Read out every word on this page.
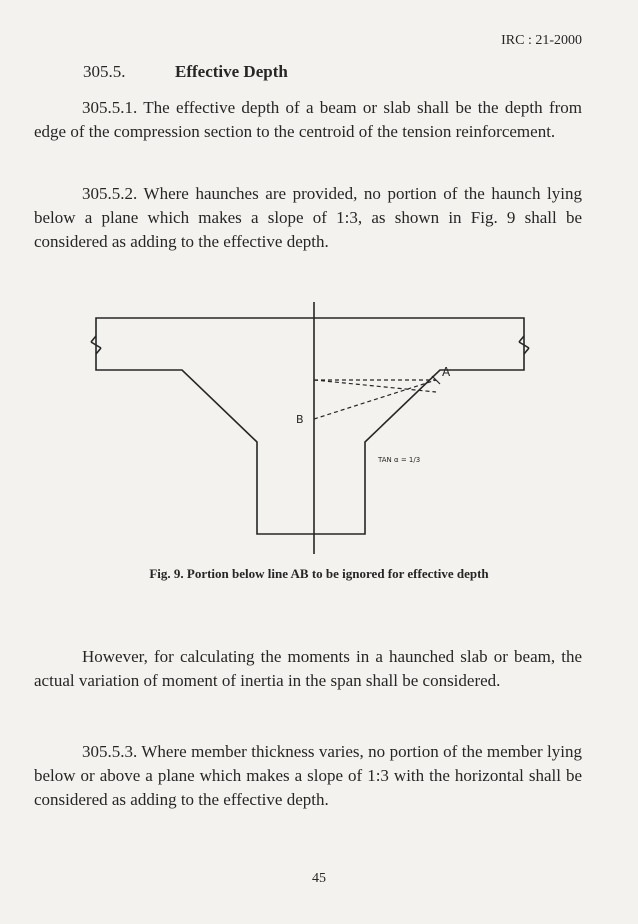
IRC : 21-2000
305.5.	Effective Depth

305.5.1. The effective depth of a beam or slab shall be the depth from edge of the compression section to the centroid of the tension reinforcement.

305.5.2. Where haunches are provided, no portion of the haunch lying below a plane which makes a slope of 1:3, as shown in Fig. 9 shall be considered as adding to the effective depth.

A
B
TAN α = 1/3
Fig. 9. Portion below line AB to be ignored for effective depth

However, for calculating the moments in a haunched slab or beam, the actual variation of moment of inertia in the span shall be considered.

305.5.3. Where member thickness varies, no portion of the member lying below or above a plane which makes a slope of 1:3 with the horizontal shall be considered as adding to the effective depth.

45
